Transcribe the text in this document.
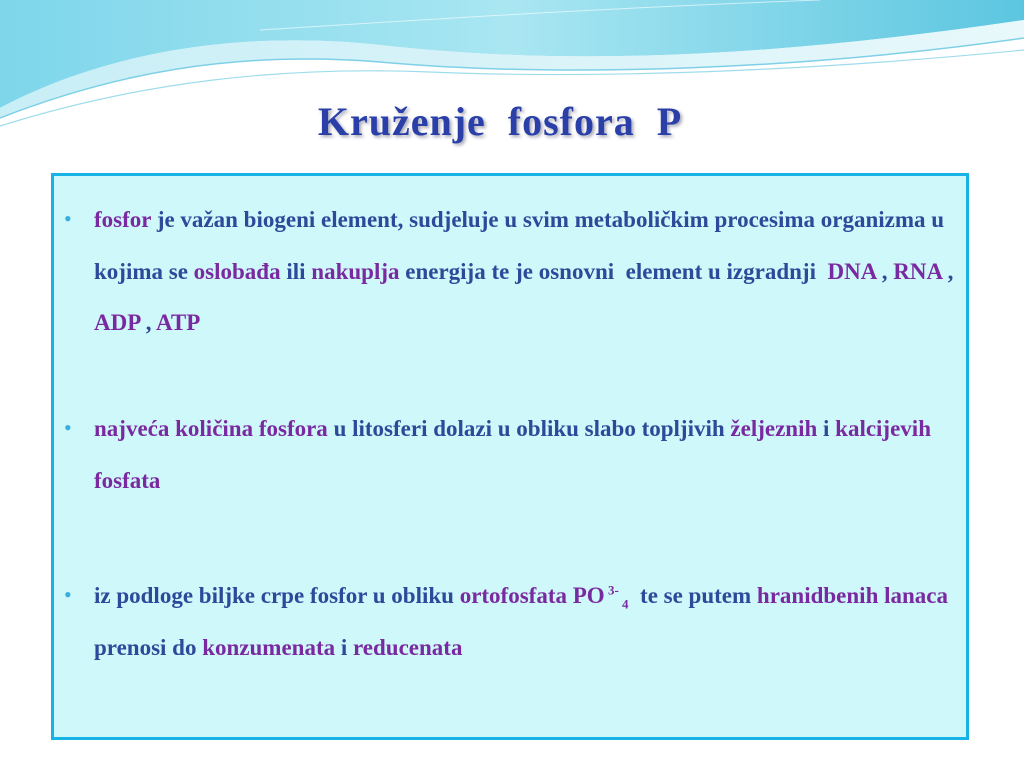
Kruženje  fosfora  P
• fosfor je važan biogeni element, sudjeluje u svim metaboličkim procesima organizma u kojima se oslobađa ili nakuplja energija te je osnovni  element u izgradnji  DNA , RNA , ADP , ATP

• najveća količina fosfora u litosferi dolazi u obliku slabo topljivih željeznih i kalcijevih fosfata

• iz podloge biljke crpe fosfor u obliku ortofosfata PO $^{3-}$ $_4$  te se putem hranidbenih lanaca prenosi do konzumenata i reducenata
